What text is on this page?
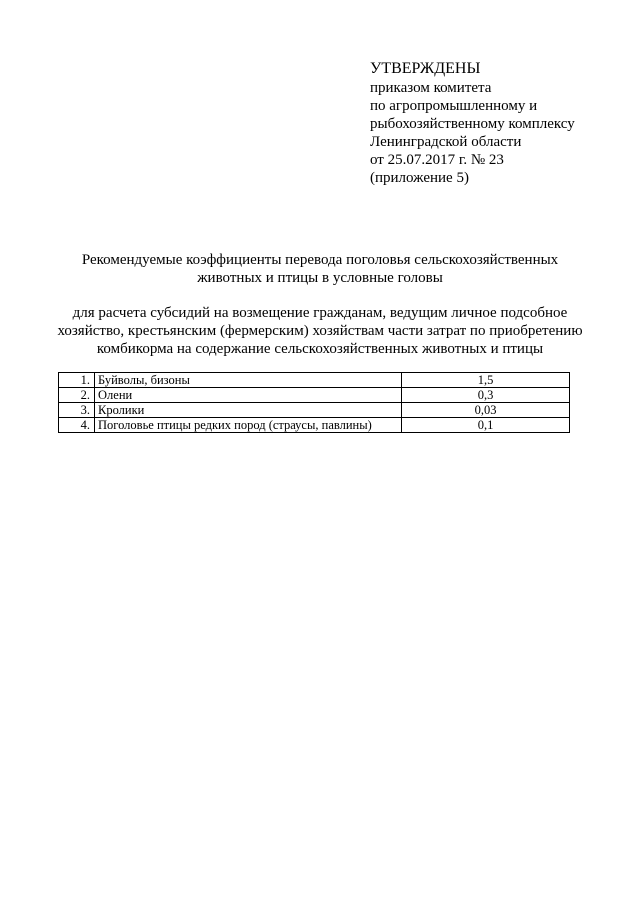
УТВЕРЖДЕНЫ
приказом комитета
по агропромышленному и
рыбохозяйственному комплексу
Ленинградской области
от 25.07.2017 г. № 23
(приложение 5)
Рекомендуемые коэффициенты перевода поголовья сельскохозяйственных
животных и птицы в условные головы
для расчета субсидий на возмещение гражданам, ведущим личное подсобное
хозяйство, крестьянским (фермерским) хозяйствам части затрат по приобретению
комбикорма на содержание сельскохозяйственных животных и птицы
1.	Буйволы, бизоны	1,5
2.	Олени	0,3
3.	Кролики	0,03
4.	Поголовье птицы редких пород (страусы, павлины)	0,1
